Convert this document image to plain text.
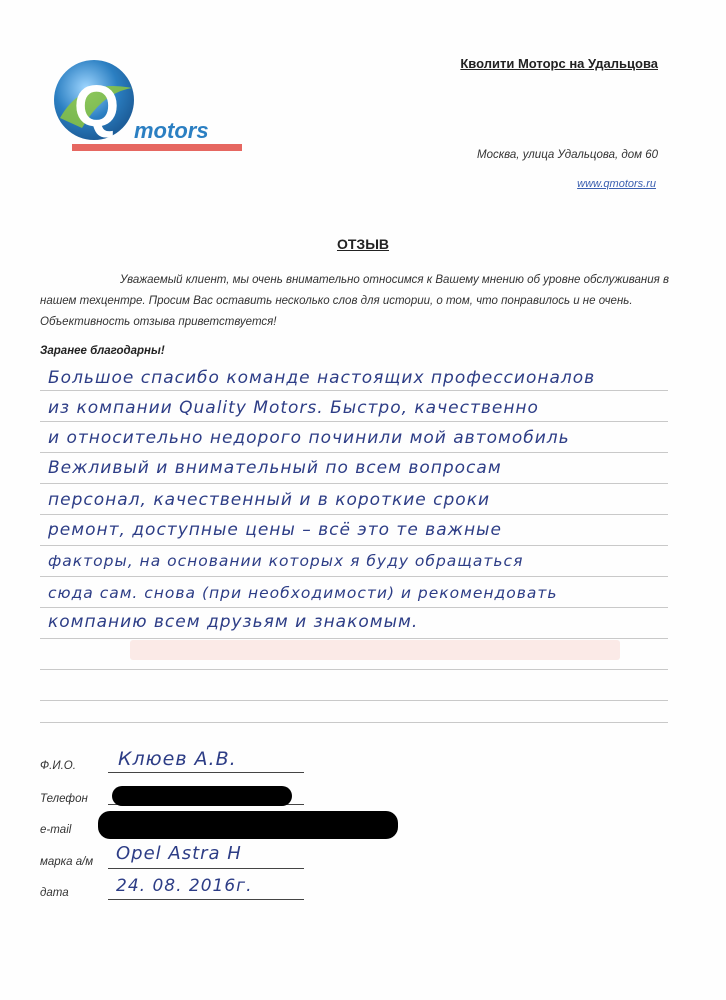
Q motors
Кволити Моторс на Удальцова
Москва, улица Удальцова, дом 60
www.qmotors.ru
ОТЗЫВ
Уважаемый клиент, мы очень внимательно относимся к Вашему мнению об уровне обслуживания в нашем техцентре. Просим Вас оставить несколько слов для истории, о том, что понравилось и не очень. Объективность отзыва приветствуется!
Заранее благодарны!
Большое спасибо команде настоящих профессионалов
из компании Quality Motors. Быстро, качественно
и относительно недорого починили мой автомобиль
Вежливый и внимательный по всем вопросам
персонал, качественный и в короткие сроки
ремонт, доступные цены – всё это те важные
факторы, на основании которых я буду обращаться
сюда сам. снова (при необходимости) и рекомендовать
компанию всем друзьям и знакомым.
Ф.И.О. Клюев А.В.
Телефон
e-mail
марка а/м Opel Astra H
дата	24. 08. 2016г.
